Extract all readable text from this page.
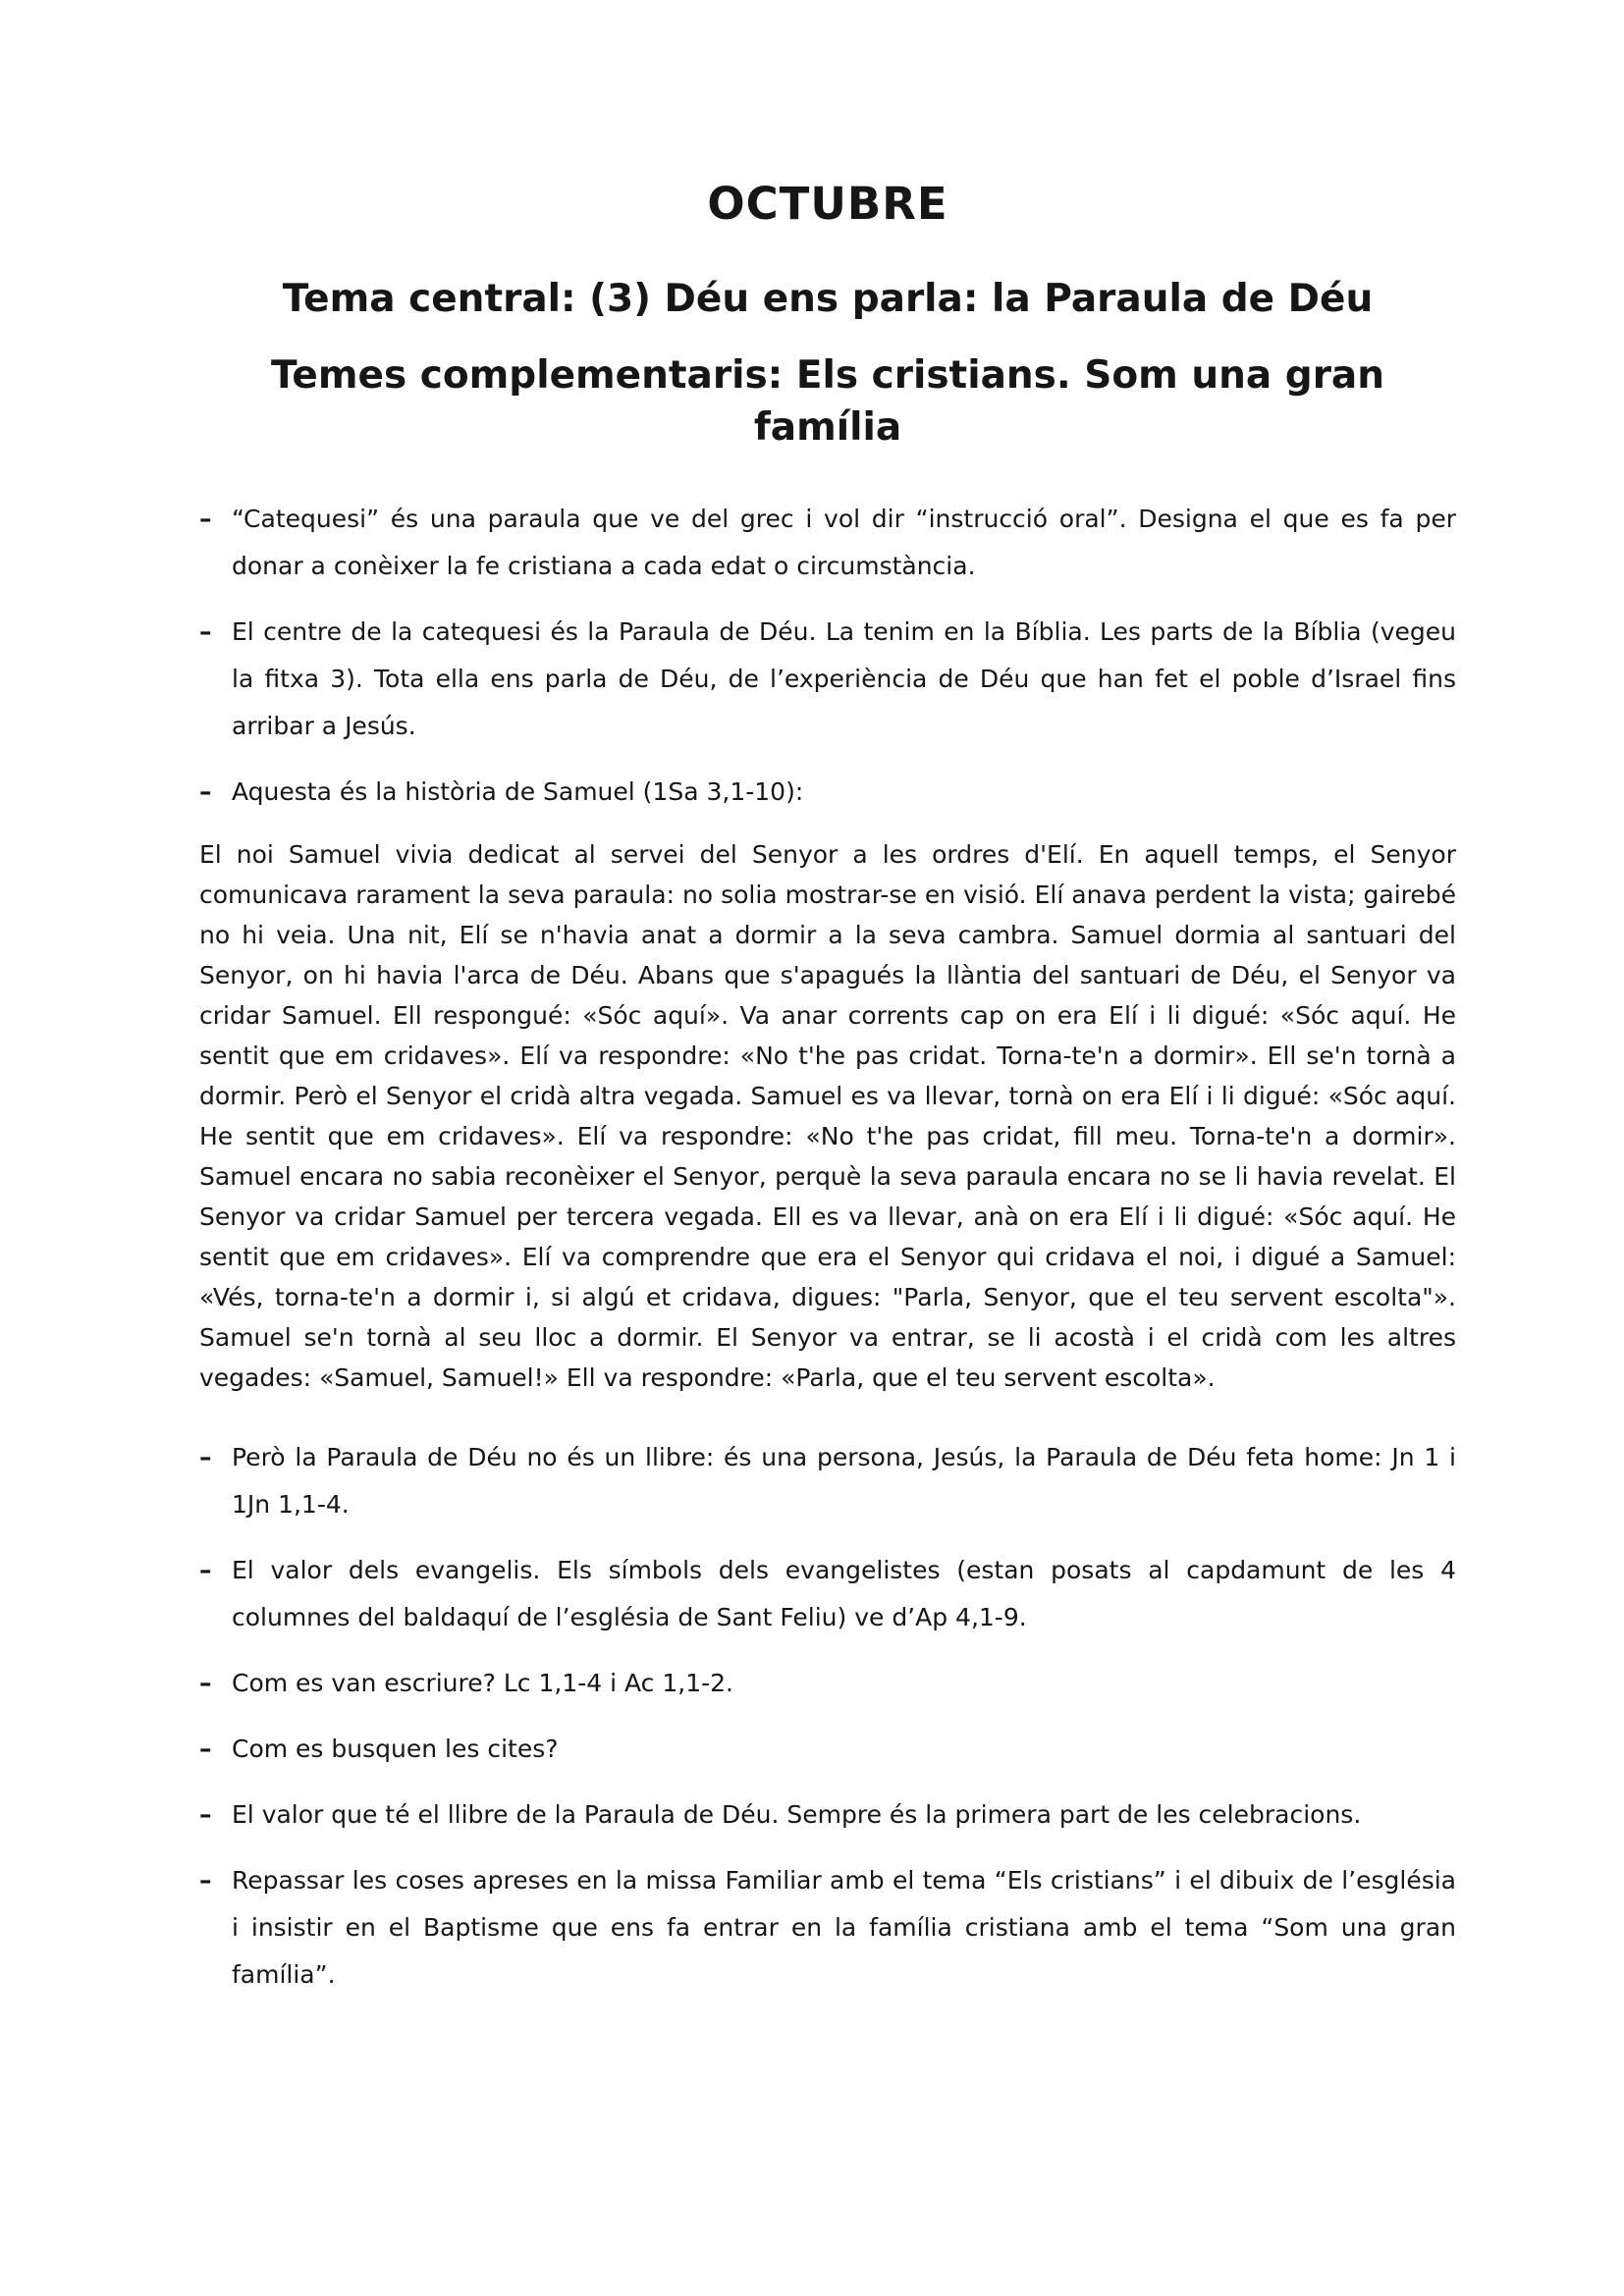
OCTUBRE
Tema central: (3) Déu ens parla: la Paraula de Déu
Temes complementaris: Els cristians. Som una gran família
– “Catequesi” és una paraula que ve del grec i vol dir “instrucció oral”. Designa el que es fa per donar a conèixer la fe cristiana a cada edat o circumstància.
– El centre de la catequesi és la Paraula de Déu. La tenim en la Bíblia. Les parts de la Bíblia (vegeu la fitxa 3). Tota ella ens parla de Déu, de l’experiència de Déu que han fet el poble d’Israel fins arribar a Jesús.
– Aquesta és la història de Samuel (1Sa 3,1-10):

El noi Samuel vivia dedicat al servei del Senyor a les ordres d'Elí. En aquell temps, el Senyor comunicava rarament la seva paraula: no solia mostrar-se en visió. Elí anava perdent la vista; gairebé no hi veia. Una nit, Elí se n'havia anat a dormir a la seva cambra. Samuel dormia al santuari del Senyor, on hi havia l'arca de Déu. Abans que s'apagués la llàntia del santuari de Déu, el Senyor va cridar Samuel. Ell respongué: «Sóc aquí». Va anar corrents cap on era Elí i li digué: «Sóc aquí. He sentit que em cridaves». Elí va respondre: «No t'he pas cridat. Torna-te'n a dormir». Ell se'n tornà a dormir. Però el Senyor el cridà altra vegada. Samuel es va llevar, tornà on era Elí i li digué: «Sóc aquí. He sentit que em cridaves». Elí va respondre: «No t'he pas cridat, fill meu. Torna-te'n a dormir». Samuel encara no sabia reconèixer el Senyor, perquè la seva paraula encara no se li havia revelat. El Senyor va cridar Samuel per tercera vegada. Ell es va llevar, anà on era Elí i li digué: «Sóc aquí. He sentit que em cridaves». Elí va comprendre que era el Senyor qui cridava el noi, i digué a Samuel: «Vés, torna-te'n a dormir i, si algú et cridava, digues: "Parla, Senyor, que el teu servent escolta"». Samuel se'n tornà al seu lloc a dormir. El Senyor va entrar, se li acostà i el cridà com les altres vegades: «Samuel, Samuel!» Ell va respondre: «Parla, que el teu servent escolta».

– Però la Paraula de Déu no és un llibre: és una persona, Jesús, la Paraula de Déu feta home: Jn 1 i 1Jn 1,1-4.
– El valor dels evangelis. Els símbols dels evangelistes (estan posats al capdamunt de les 4 columnes del baldaquí de l’església de Sant Feliu) ve d’Ap 4,1-9.
– Com es van escriure? Lc 1,1-4 i Ac 1,1-2.
– Com es busquen les cites?
– El valor que té el llibre de la Paraula de Déu. Sempre és la primera part de les celebracions.
– Repassar les coses apreses en la missa Familiar amb el tema “Els cristians” i el dibuix de l’església i insistir en el Baptisme que ens fa entrar en la família cristiana amb el tema “Som una gran família”.
